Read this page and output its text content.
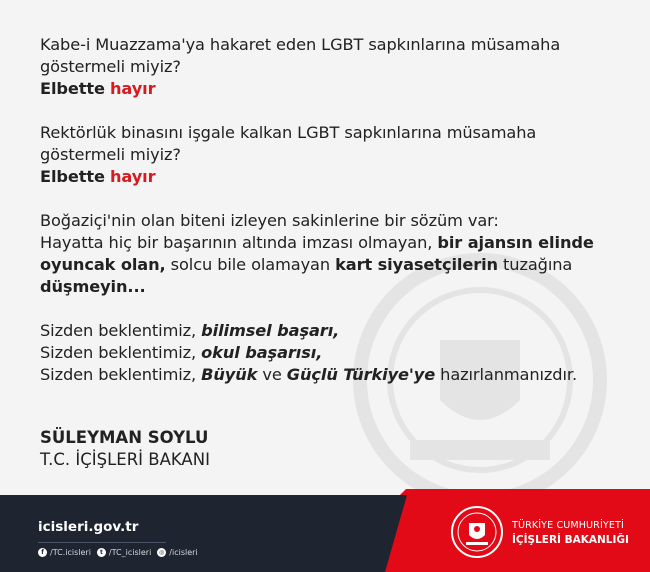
Kabe-i Muazzama'ya hakaret eden LGBT sapkınlarına müsamaha
göstermeli miyiz?
Elbette hayır
Rektörlük binasını işgale kalkan LGBT sapkınlarına müsamaha
göstermeli miyiz?
Elbette hayır
Boğaziçi'nin olan biteni izleyen sakinlerine bir sözüm var:
Hayatta hiç bir başarının altında imzası olmayan, bir ajansın elinde
oyuncak olan, solcu bile olamayan kart siyasetçilerin tuzağına
düşmeyin...
Sizden beklentimiz, bilimsel başarı,
Sizden beklentimiz, okul başarısı,
Sizden beklentimiz, Büyük ve Güçlü Türkiye'ye hazırlanmanızdır.
SÜLEYMAN SOYLU
T.C. İÇİŞLERİ BAKANI
icisleri.gov.tr
f /TC.icisleri	t /TC_icisleri	◎ /icisleri
TÜRKİYE CUMHURİYETİ
İÇİŞLERİ BAKANLIĞI
